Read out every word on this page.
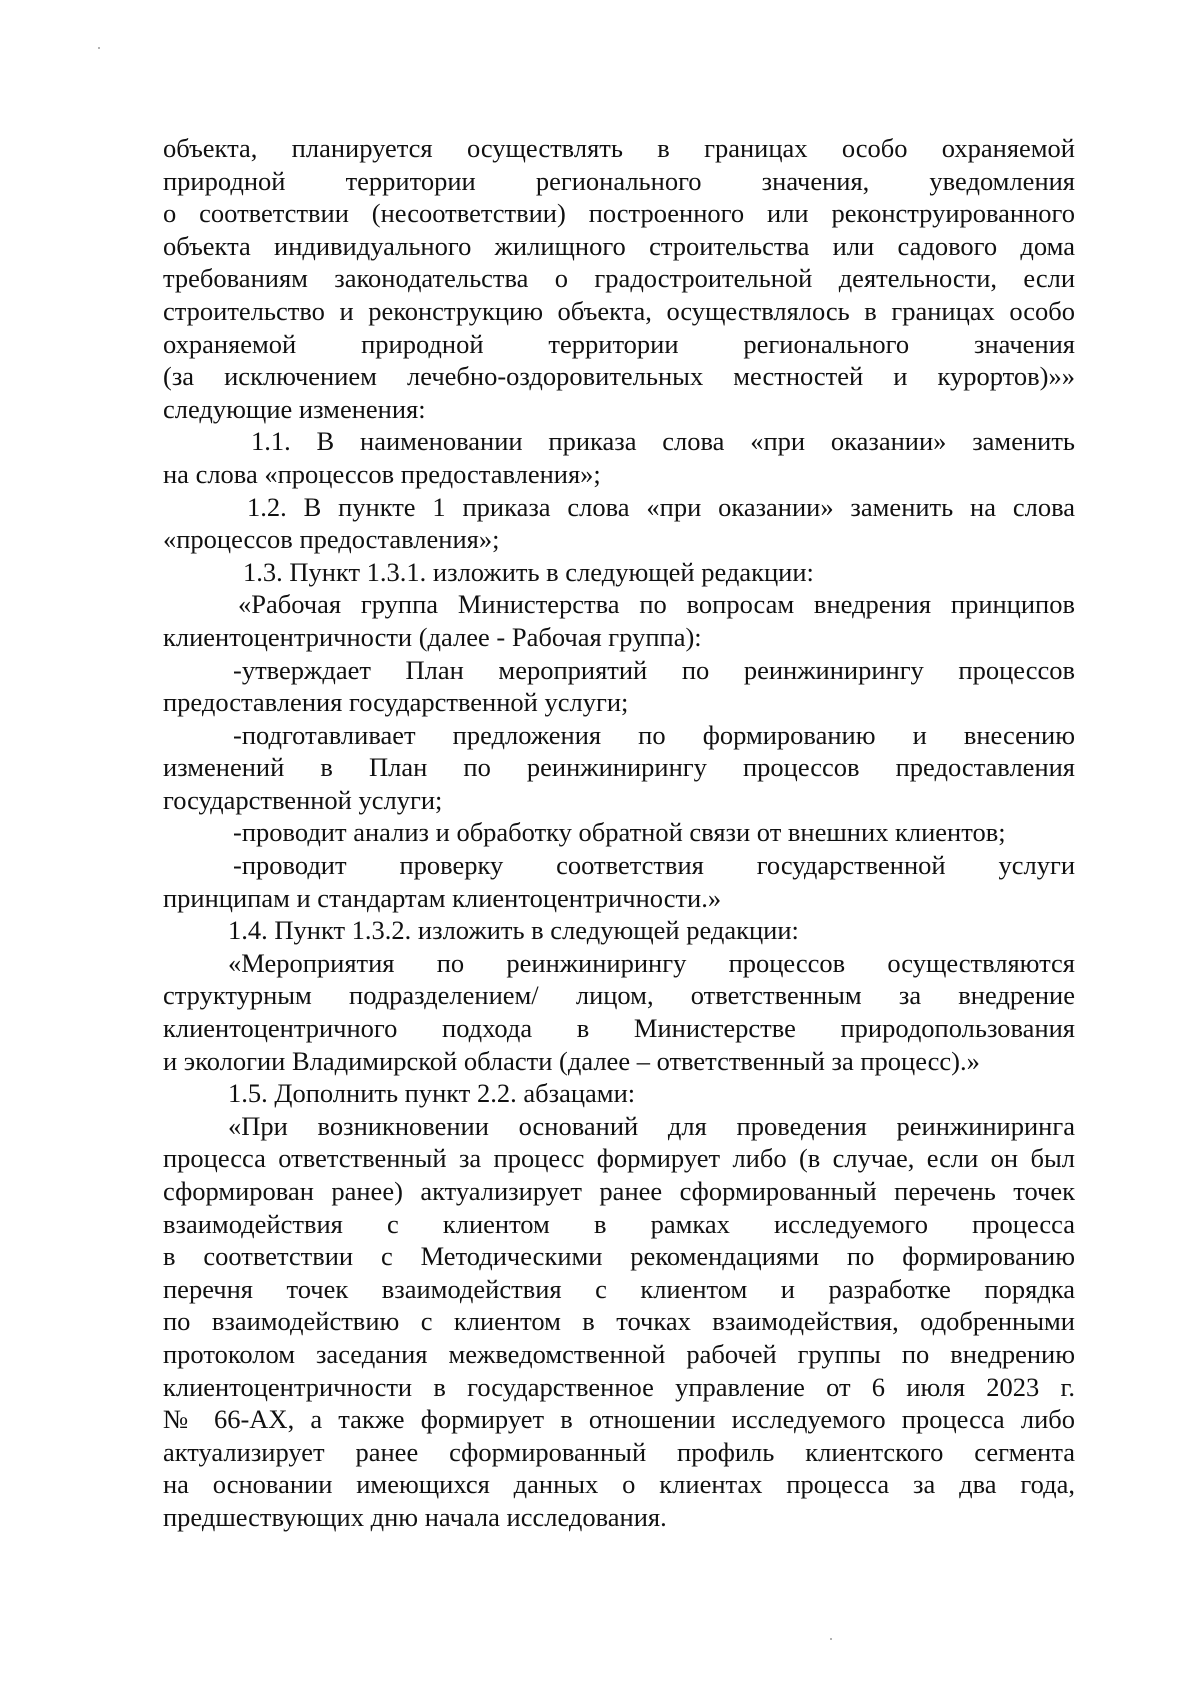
объекта, планируется осуществлять в границах особо охраняемой
природной территории регионального значения, уведомления
о соответствии (несоответствии) построенного или реконструированного
объекта индивидуального жилищного строительства или садового дома
требованиям законодательства о градостроительной деятельности, если
строительство и реконструкцию объекта, осуществлялось в границах особо
охраняемой природной территории регионального значения
(за исключением лечебно-оздоровительных местностей и курортов)»»
следующие изменения:
1.1. В наименовании приказа слова «при оказании» заменить
на слова «процессов предоставления»;
1.2. В пункте 1 приказа слова «при оказании» заменить на слова
«процессов предоставления»;
1.3. Пункт 1.3.1. изложить в следующей редакции:
«Рабочая группа Министерства по вопросам внедрения принципов
клиентоцентричности (далее - Рабочая группа):
-утверждает План мероприятий по реинжинирингу процессов
предоставления государственной услуги;
-подготавливает предложения по формированию и внесению
изменений в План по реинжинирингу процессов предоставления
государственной услуги;
-проводит анализ и обработку обратной связи от внешних клиентов;
-проводит проверку соответствия государственной услуги
принципам и стандартам клиентоцентричности.»
1.4. Пункт 1.3.2. изложить в следующей редакции:
«Мероприятия по реинжинирингу процессов осуществляются
структурным подразделением/ лицом, ответственным за внедрение
клиентоцентричного подхода в Министерстве природопользования
и экологии Владимирской области (далее – ответственный за процесс).»
1.5. Дополнить пункт 2.2. абзацами:
«При возникновении оснований для проведения реинжиниринга
процесса ответственный за процесс формирует либо (в случае, если он был
сформирован ранее) актуализирует ранее сформированный перечень точек
взаимодействия с клиентом в рамках исследуемого процесса
в соответствии с Методическими рекомендациями по формированию
перечня точек взаимодействия с клиентом и разработке порядка
по взаимодействию с клиентом в точках взаимодействия, одобренными
протоколом заседания межведомственной рабочей группы по внедрению
клиентоцентричности в государственное управление от 6 июля 2023 г.
№ 66-АХ, а также формирует в отношении исследуемого процесса либо
актуализирует ранее сформированный профиль клиентского сегмента
на основании имеющихся данных о клиентах процесса за два года,
предшествующих дню начала исследования.
